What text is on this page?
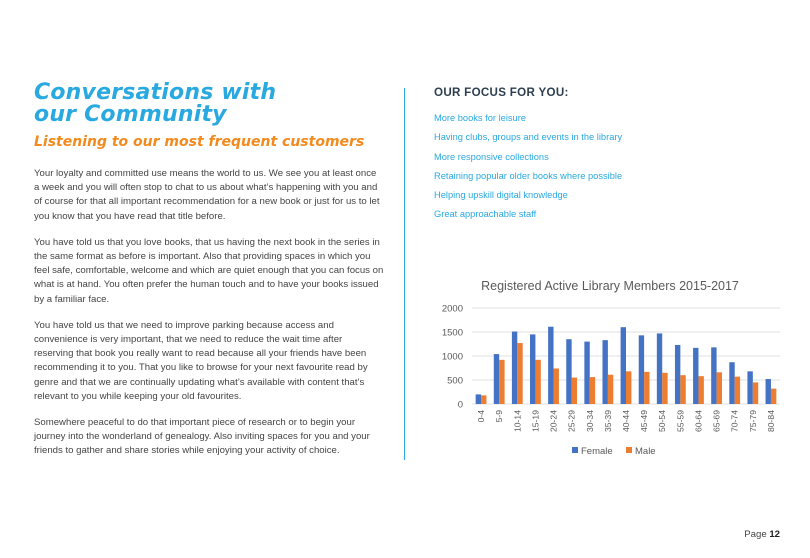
Conversations with
our Community
Listening to our most frequent customers

Your loyalty and committed use means the world to us. We see you at least once a week and you will often stop to chat to us about what’s happening with you and of course for that all important recommendation for a new book or just for us to let you know that you have read that title before.

You have told us that you love books, that us having the next book in the series in the same format as before is important. Also that providing spaces in which you feel safe, comfortable, welcome and which are quiet enough that you can focus on what is at hand. You often prefer the human touch and to have your books issued by a familiar face.

You have told us that we need to improve parking because access and convenience is very important, that we need to reduce the wait time after reserving that book you really want to read because all your friends have been recommending it to you. That you like to browse for your next favourite read by genre and that we are continually updating what’s available with content that’s relevant to you while keeping your old favourites.

Somewhere peaceful to do that important piece of research or to begin your journey into the wonderland of genealogy. Also inviting spaces for you and your friends to gather and share stories while enjoying your activity of choice.

OUR FOCUS FOR YOU:
More books for leisure
Having clubs, groups and events in the library
More responsive collections
Retaining popular older books where possible
Helping upskill digital knowledge
Great approachable staff
Registered Active Library Members 2015-2017
0
500
1000
1500
2000
0-4 5-9 10-14 15-19 20-24 25-29 30-34 35-39 40-44 45-49 50-54 55-59 60-64 65-69 70-74 75-79 80-84
Female Male
Page 12
